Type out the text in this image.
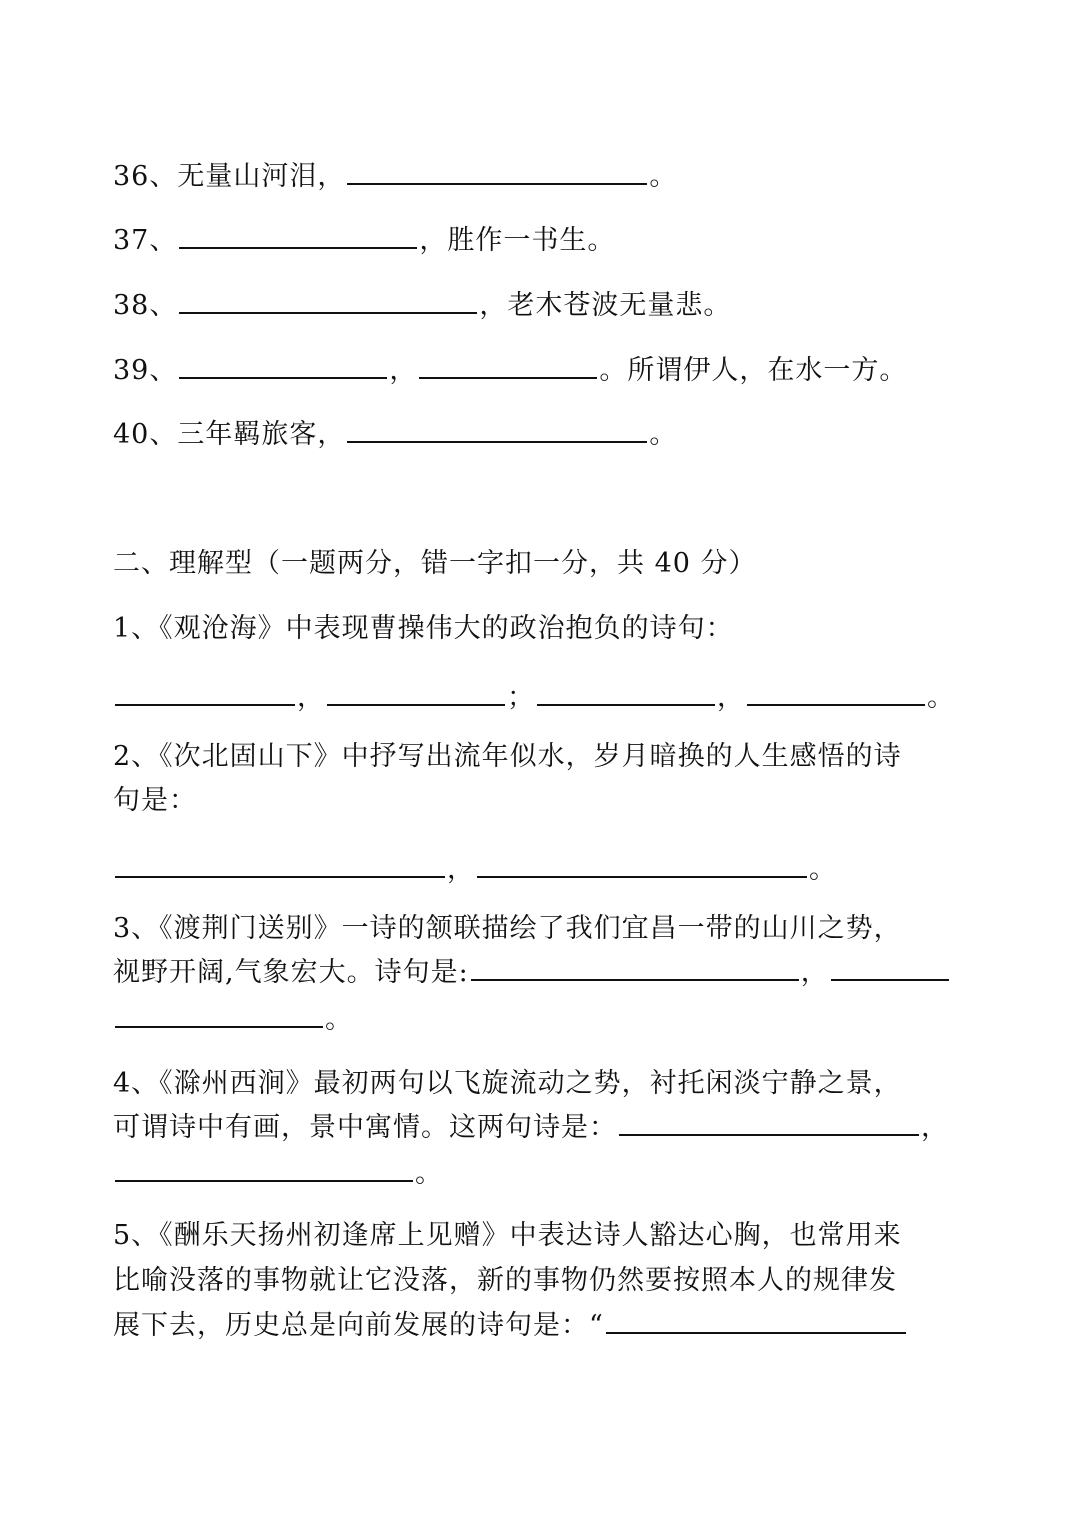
36、无量山河泪，	。
37、	，胜作一书生。
38、	，老木苍波无量悲。
39、	，	。所谓伊人，在水一方。
40、三年羁旅客，	。
二、理解型（一题两分，错一字扣一分，共 40 分）
1、《观沧海》中表现曹操伟大的政治抱负的诗句：
，	；	，	。
2、《次北固山下》中抒写出流年似水，岁月暗换的人生感悟的诗
句是：
，	。
3、《渡荆门送别》一诗的颔联描绘了我们宜昌一带的山川之势，
视野开阔,气象宏大。诗句是:	，
。
4、《滁州西涧》最初两句以飞旋流动之势，衬托闲淡宁静之景，
可谓诗中有画，景中寓情。这两句诗是：	，
。
5、《酬乐天扬州初逢席上见赠》中表达诗人豁达心胸，也常用来
比喻没落的事物就让它没落，新的事物仍然要按照本人的规律发
展下去，历史总是向前发展的诗句是：“
